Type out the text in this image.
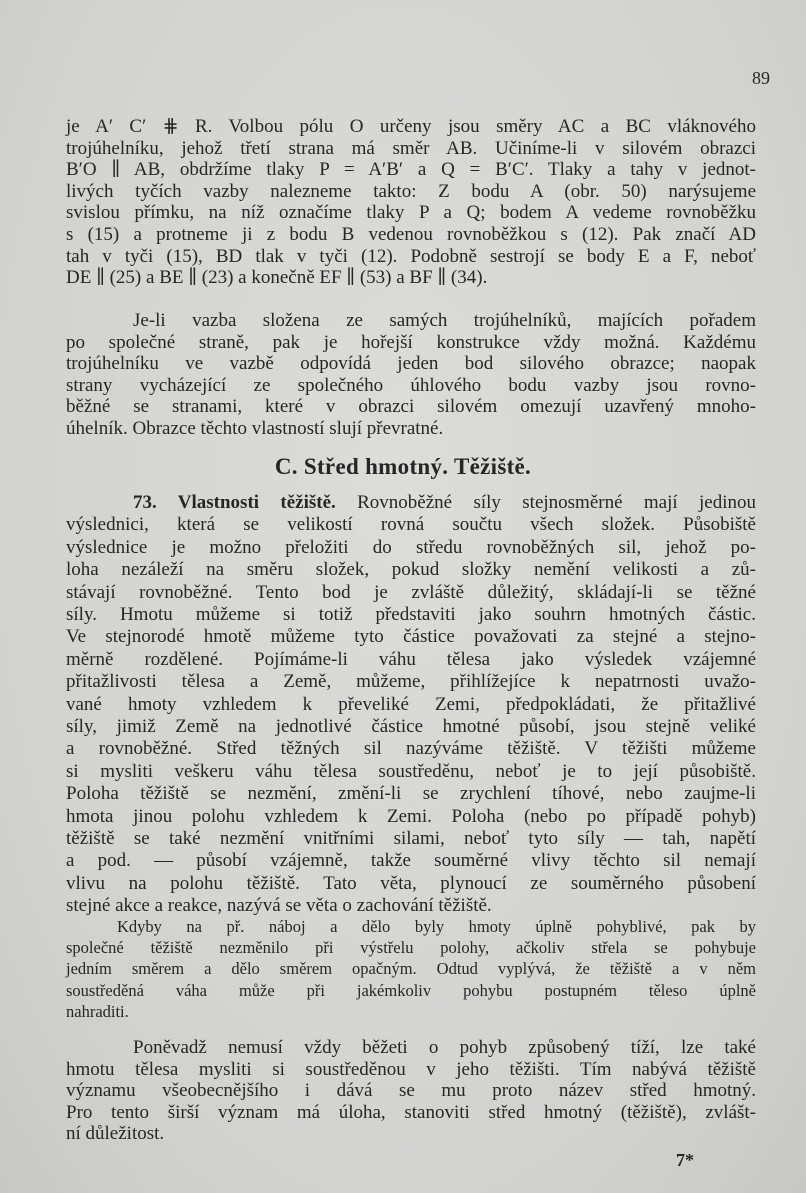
89
C. Střed hmotný. Těžiště.
je A′ C′ ⋕ R. Volbou pólu O určeny jsou směry AC a BC vláknového
trojúhelníku, jehož třetí strana má směr AB. Učiníme-li v silovém obrazci
B′O ∥ AB, obdržíme tlaky P = A′B′ a Q = B′C′. Tlaky a tahy v jednot-
livých tyčích vazby nalezneme takto: Z bodu A (obr. 50) narýsujeme
svislou přímku, na níž označíme tlaky P a Q; bodem A vedeme rovnoběžku
s (15) a protneme ji z bodu B vedenou rovnoběžkou s (12). Pak značí AD
tah v tyči (15), BD tlak v tyči (12). Podobně sestrojí se body E a F, neboť
DE ∥ (25) a BE ∥ (23) a konečně EF ∥ (53) a BF ∥ (34).
Je-li vazba složena ze samých trojúhelníků, majících pořadem
po společné straně, pak je hořejší konstrukce vždy možná. Každému
trojúhelníku ve vazbě odpovídá jeden bod silového obrazce; naopak
strany vycházející ze společného úhlového bodu vazby jsou rovno-
běžné se stranami, které v obrazci silovém omezují uzavřený mnoho-
úhelník. Obrazce těchto vlastností slují převratné.
73. Vlastnosti těžiště. Rovnoběžné síly stejnosměrné mají jedinou
výslednici, která se velikostí rovná součtu všech složek. Působiště
výslednice je možno přeložiti do středu rovnoběžných sil, jehož po-
loha nezáleží na směru složek, pokud složky nemění velikosti a zů-
stávají rovnoběžné. Tento bod je zvláště důležitý, skládají-li se těžné
síly. Hmotu můžeme si totiž představiti jako souhrn hmotných částic.
Ve stejnorodé hmotě můžeme tyto částice považovati za stejné a stejno-
měrně rozdělené. Pojímáme-li váhu tělesa jako výsledek vzájemné
přitažlivosti tělesa a Země, můžeme, přihlížejíce k nepatrnosti uvažo-
vané hmoty vzhledem k převeliké Zemi, předpokládati, že přitažlivé
síly, jimiž Země na jednotlivé částice hmotné působí, jsou stejně veliké
a rovnoběžné. Střed těžných sil nazýváme těžiště. V těžišti můžeme
si mysliti veškeru váhu tělesa soustředěnu, neboť je to její působiště.
Poloha těžiště se nezmění, změní-li se zrychlení tíhové, nebo zaujme-li
hmota jinou polohu vzhledem k Zemi. Poloha (nebo po případě pohyb)
těžiště se také nezmění vnitřními silami, neboť tyto síly — tah, napětí
a pod. — působí vzájemně, takže souměrné vlivy těchto sil nemají
vlivu na polohu těžiště. Tato věta, plynoucí ze souměrného působení
stejné akce a reakce, nazývá se věta o zachování těžiště.
Kdyby na př. náboj a dělo byly hmoty úplně pohyblivé, pak by
společné těžiště nezměnilo při výstřelu polohy, ačkoliv střela se pohybuje
jedním směrem a dělo směrem opačným. Odtud vyplývá, že těžiště a v něm
soustředěná váha může při jakémkoliv pohybu postupném těleso úplně
nahraditi.
Poněvadž nemusí vždy běžeti o pohyb způsobený tíží, lze také
hmotu tělesa mysliti si soustředěnou v jeho těžišti. Tím nabývá těžiště
významu všeobecnějšího i dává se mu proto název střed hmotný.
Pro tento širší význam má úloha, stanoviti střed hmotný (těžiště), zvlášt-
ní důležitost.
7*
